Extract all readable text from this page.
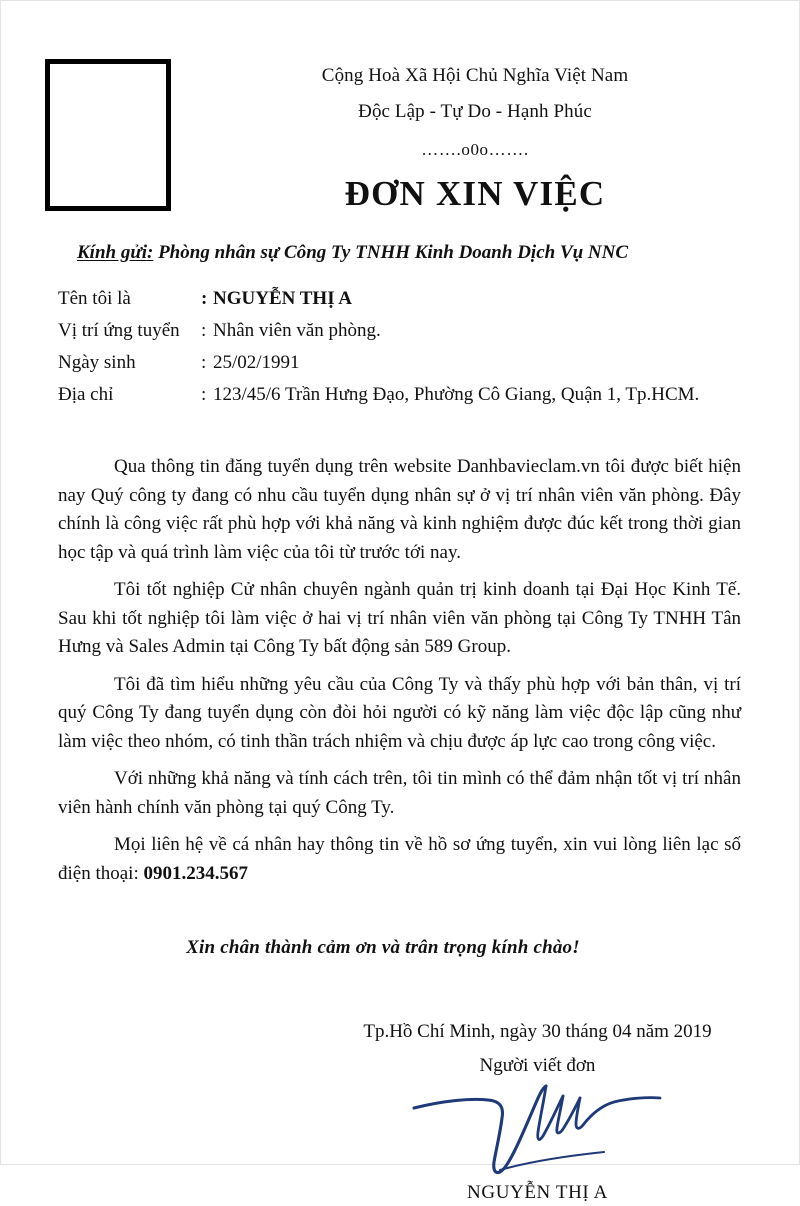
Cộng Hoà Xã Hội Chủ Nghĩa Việt Nam
Độc Lập - Tự Do - Hạnh Phúc
…….o0o…….
ĐƠN XIN VIỆC
Kính gửi: Phòng nhân sự Công Ty TNHH Kinh Doanh Dịch Vụ NNC
Tên tôi là	: NGUYỄN THỊ A
Vị trí ứng tuyển	: Nhân viên văn phòng.
Ngày sinh	: 25/02/1991
Địa chỉ	: 123/45/6 Trần Hưng Đạo, Phường Cô Giang, Quận 1, Tp.HCM.

Qua thông tin đăng tuyển dụng trên website Danhbavieclam.vn tôi được biết hiện nay Quý công ty đang có nhu cầu tuyển dụng nhân sự ở vị trí nhân viên văn phòng. Đây chính là công việc rất phù hợp với khả năng và kinh nghiệm được đúc kết trong thời gian học tập và quá trình làm việc của tôi từ trước tới nay.

Tôi tốt nghiệp Cử nhân chuyên ngành quản trị kinh doanh tại Đại Học Kinh Tế. Sau khi tốt nghiệp tôi làm việc ở hai vị trí nhân viên văn phòng tại Công Ty TNHH Tân Hưng và Sales Admin tại Công Ty bất động sản 589 Group.

Tôi đã tìm hiểu những yêu cầu của Công Ty và thấy phù hợp với bản thân, vị trí quý Công Ty đang tuyển dụng còn đòi hỏi người có kỹ năng làm việc độc lập cũng như làm việc theo nhóm, có tinh thần trách nhiệm và chịu được áp lực cao trong công việc.

Với những khả năng và tính cách trên, tôi tin mình có thể đảm nhận tốt vị trí nhân viên hành chính văn phòng tại quý Công Ty.

Mọi liên hệ về cá nhân hay thông tin về hồ sơ ứng tuyển, xin vui lòng liên lạc số điện thoại: 0901.234.567

Xin chân thành cảm ơn và trân trọng kính chào!
Tp.Hồ Chí Minh, ngày 30 tháng 04 năm 2019
Người viết đơn
NGUYỄN THỊ A
